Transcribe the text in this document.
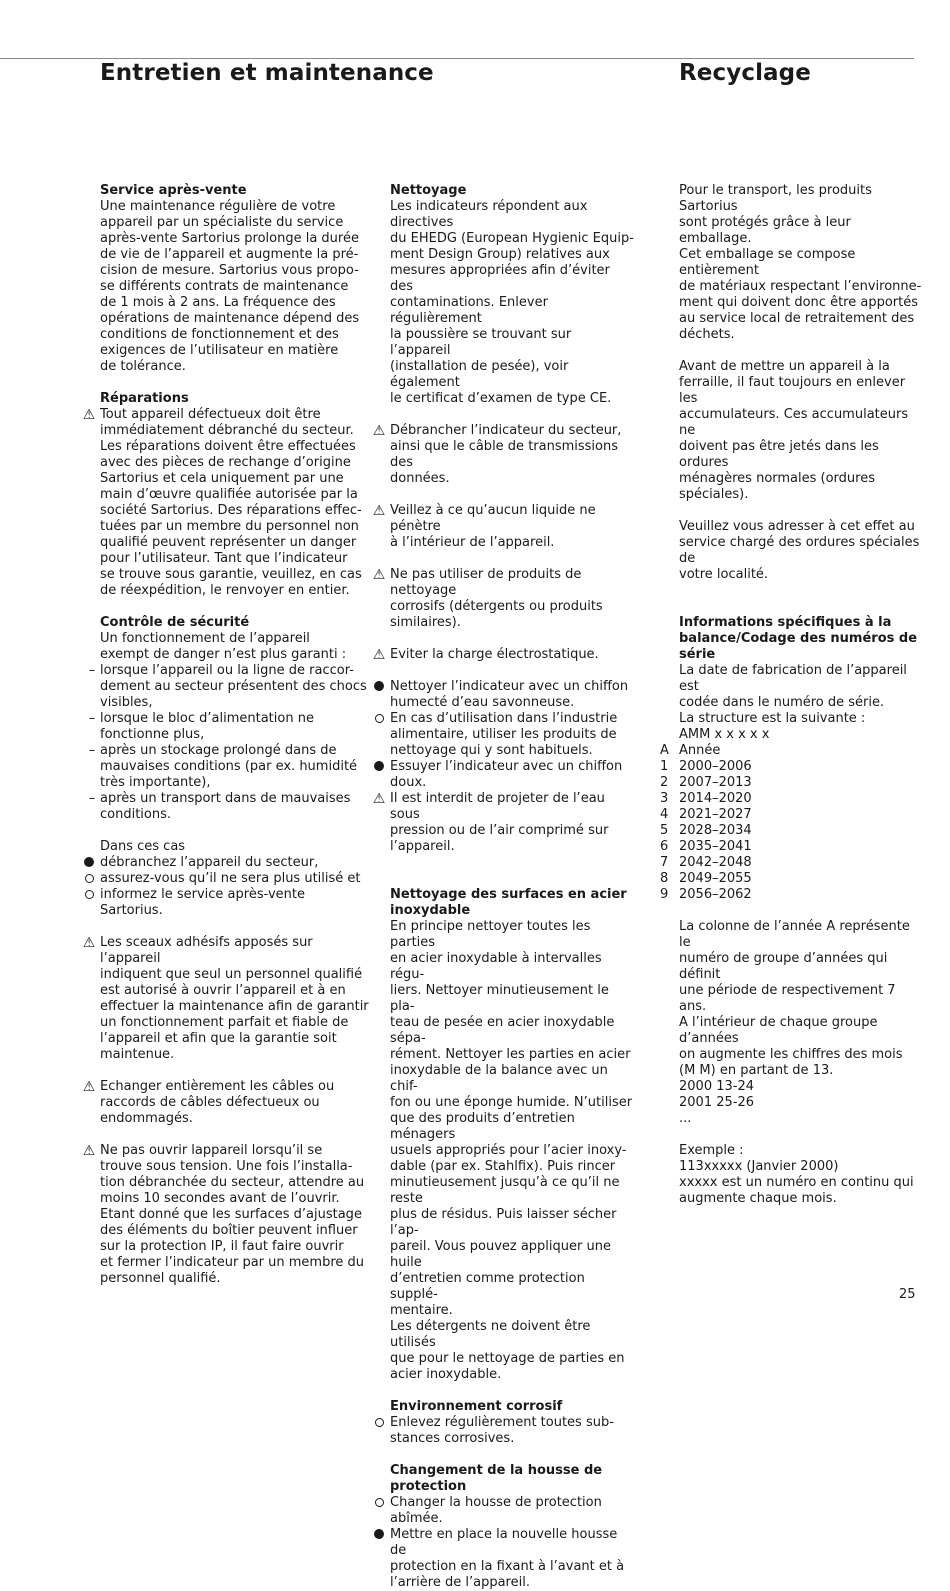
Entretien et maintenance	Recyclage

Service après-vente

Une maintenance régulière de votre

appareil par un spécialiste du service

après-vente Sartorius prolonge la durée

de vie de l’appareil et augmente la pré-

cision de mesure. Sartorius vous propo-

se différents contrats de maintenance

de 1 mois à 2 ans. La fréquence des

opérations de maintenance dépend des

conditions de fonctionnement et des

exigences de l’utilisateur en matière

de tolérance.

Réparations

⚠ Tout appareil défectueux doit être

immédiatement débranché du secteur.

Les réparations doivent être effectuées

avec des pièces de rechange d’origine

Sartorius et cela uniquement par une

main d’œuvre qualifiée autorisée par la

société Sartorius. Des réparations effec-

tuées par un membre du personnel non

qualifié peuvent représenter un danger

pour l’utilisateur. Tant que l’indicateur

se trouve sous garantie, veuillez, en cas

de réexpédition, le renvoyer en entier.

Contrôle de sécurité

Un fonctionnement de l’appareil

exempt de danger n’est plus garanti :

– lorsque l’appareil ou la ligne de raccor-

dement au secteur présentent des chocs

visibles,

– lorsque le bloc d’alimentation ne

fonctionne plus,

– après un stockage prolongé dans de

mauvaises conditions (par ex. humidité

très importante),

– après un transport dans de mauvaises

conditions.

Dans ces cas

débranchez l’appareil du secteur,

assurez-vous qu’il ne sera plus utilisé et

informez le service après-vente

Sartorius.

⚠ Les sceaux adhésifs apposés sur l’appareil

indiquent que seul un personnel qualifié

est autorisé à ouvrir l’appareil et à en

effectuer la maintenance afin de garantir

un fonctionnement parfait et fiable de

l’appareil et afin que la garantie soit

maintenue.

⚠ Echanger entièrement les câbles ou

raccords de câbles défectueux ou

endommagés.

⚠ Ne pas ouvrir lappareil lorsqu’il se

trouve sous tension. Une fois l’installa-

tion débranchée du secteur, attendre au

moins 10 secondes avant de l’ouvrir.

Etant donné que les surfaces d’ajustage

des éléments du boîtier peuvent influer

sur la protection IP, il faut faire ouvrir

et fermer l’indicateur par un membre du

personnel qualifié.

Nettoyage

Les indicateurs répondent aux directives

du EHEDG (European Hygienic Equip-

ment Design Group) relatives aux

mesures appropriées afin d’éviter des

contaminations. Enlever régulièrement

la poussière se trouvant sur l’appareil

(installation de pesée), voir également

le certificat d’examen de type CE.

⚠ Débrancher l’indicateur du secteur,

ainsi que le câble de transmissions des

données.

⚠ Veillez à ce qu’aucun liquide ne pénètre

à l’intérieur de l’appareil.

⚠ Ne pas utiliser de produits de nettoyage

corrosifs (détergents ou produits

similaires).

⚠ Eviter la charge électrostatique.

Nettoyer l’indicateur avec un chiffon

humecté d’eau savonneuse.

En cas d’utilisation dans l’industrie

alimentaire, utiliser les produits de

nettoyage qui y sont habituels.

Essuyer l’indicateur avec un chiffon

doux.

⚠ Il est interdit de projeter de l’eau sous

pression ou de l’air comprimé sur

l’appareil.

Nettoyage des surfaces en acier

inoxydable

En principe nettoyer toutes les parties

en acier inoxydable à intervalles régu-

liers. Nettoyer minutieusement le pla-

teau de pesée en acier inoxydable sépa-

rément. Nettoyer les parties en acier

inoxydable de la balance avec un chif-

fon ou une éponge humide. N’utiliser

que des produits d’entretien ménagers

usuels appropriés pour l’acier inoxy-

dable (par ex. Stahlfix). Puis rincer

minutieusement jusqu’à ce qu’il ne reste

plus de résidus. Puis laisser sécher l’ap-

pareil. Vous pouvez appliquer une huile

d’entretien comme protection supplé-

mentaire.

Les détergents ne doivent être utilisés

que pour le nettoyage de parties en

acier inoxydable.

Environnement corrosif

Enlevez régulièrement toutes sub-

stances corrosives.

Changement de la housse de

protection

Changer la housse de protection abîmée.

Mettre en place la nouvelle housse de

protection en la fixant à l’avant et à

l’arrière de l’appareil.

Pour le transport, les produits Sartorius

sont protégés grâce à leur emballage.

Cet emballage se compose entièrement

de matériaux respectant l’environne-

ment qui doivent donc être apportés

au service local de retraitement des

déchets.

Avant de mettre un appareil à la

ferraille, il faut toujours en enlever les

accumulateurs. Ces accumulateurs ne

doivent pas être jetés dans les ordures

ménagères normales (ordures spéciales).

Veuillez vous adresser à cet effet au

service chargé des ordures spéciales de

votre localité.

Informations spécifiques à la

balance/Codage des numéros de série

La date de fabrication de l’appareil est

codée dans le numéro de série.

La structure est la suivante :

AMM x x x x x

A Année
1 2000–2006
2 2007–2013
3 2014–2020
4 2021–2027
5 2028–2034
6 2035–2041
7 2042–2048
8 2049–2055
9 2056–2062

La colonne de l’année A représente le

numéro de groupe d’années qui définit

une période de respectivement 7 ans.

A l’intérieur de chaque groupe d’années

on augmente les chiffres des mois

(M M) en partant de 13.

2000 13-24

2001 25-26

...

Exemple :

113xxxxx (Janvier 2000)

xxxxx est un numéro en continu qui

augmente chaque mois.

25
